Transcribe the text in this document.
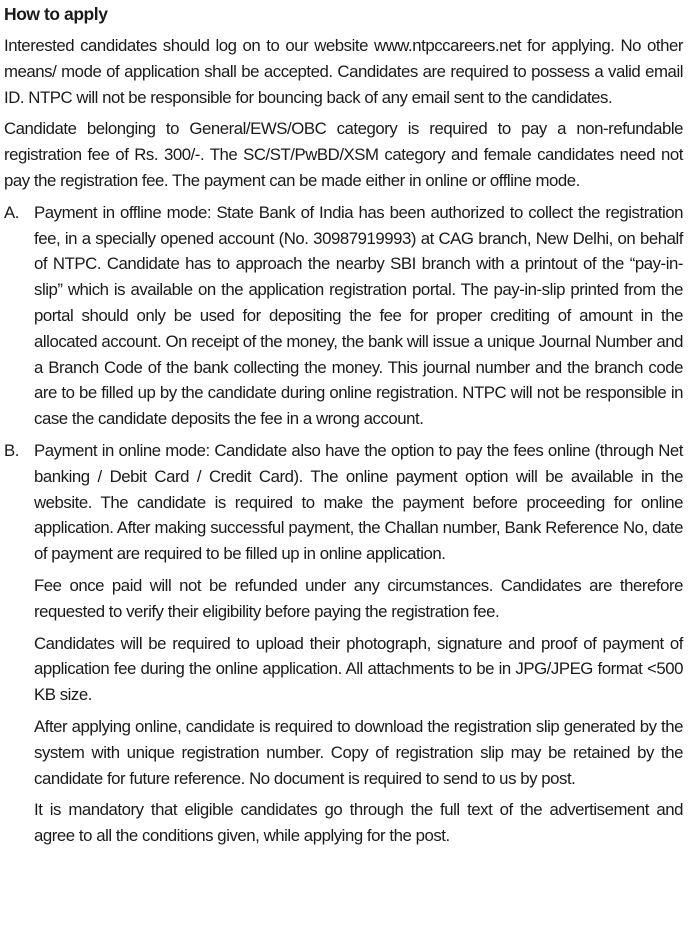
How to apply

Interested candidates should log on to our website www.ntpccareers.net for applying. No other means/ mode of application shall be accepted. Candidates are required to possess a valid email ID. NTPC will not be responsible for bouncing back of any email sent to the candidates.

Candidate belonging to General/EWS/OBC category is required to pay a non-refundable registration fee of Rs. 300/-. The SC/ST/PwBD/XSM category and female candidates need not pay the registration fee. The payment can be made either in online or offline mode.

A. Payment in offline mode: State Bank of India has been authorized to collect the registration fee, in a specially opened account (No. 30987919993) at CAG branch, New Delhi, on behalf of NTPC. Candidate has to approach the nearby SBI branch with a printout of the “pay-in-slip” which is available on the application registration portal. The pay-in-slip printed from the portal should only be used for depositing the fee for proper crediting of amount in the allocated account. On receipt of the money, the bank will issue a unique Journal Number and a Branch Code of the bank collecting the money. This journal number and the branch code are to be filled up by the candidate during online registration. NTPC will not be responsible in case the candidate deposits the fee in a wrong account.

B. Payment in online mode: Candidate also have the option to pay the fees online (through Net banking / Debit Card / Credit Card). The online payment option will be available in the website. The candidate is required to make the payment before proceeding for online application. After making successful payment, the Challan number, Bank Reference No, date of payment are required to be filled up in online application.

Fee once paid will not be refunded under any circumstances. Candidates are therefore requested to verify their eligibility before paying the registration fee.

Candidates will be required to upload their photograph, signature and proof of payment of application fee during the online application. All attachments to be in JPG/JPEG format <500 KB size.

After applying online, candidate is required to download the registration slip generated by the system with unique registration number. Copy of registration slip may be retained by the candidate for future reference. No document is required to send to us by post.

It is mandatory that eligible candidates go through the full text of the advertisement and agree to all the conditions given, while applying for the post.
